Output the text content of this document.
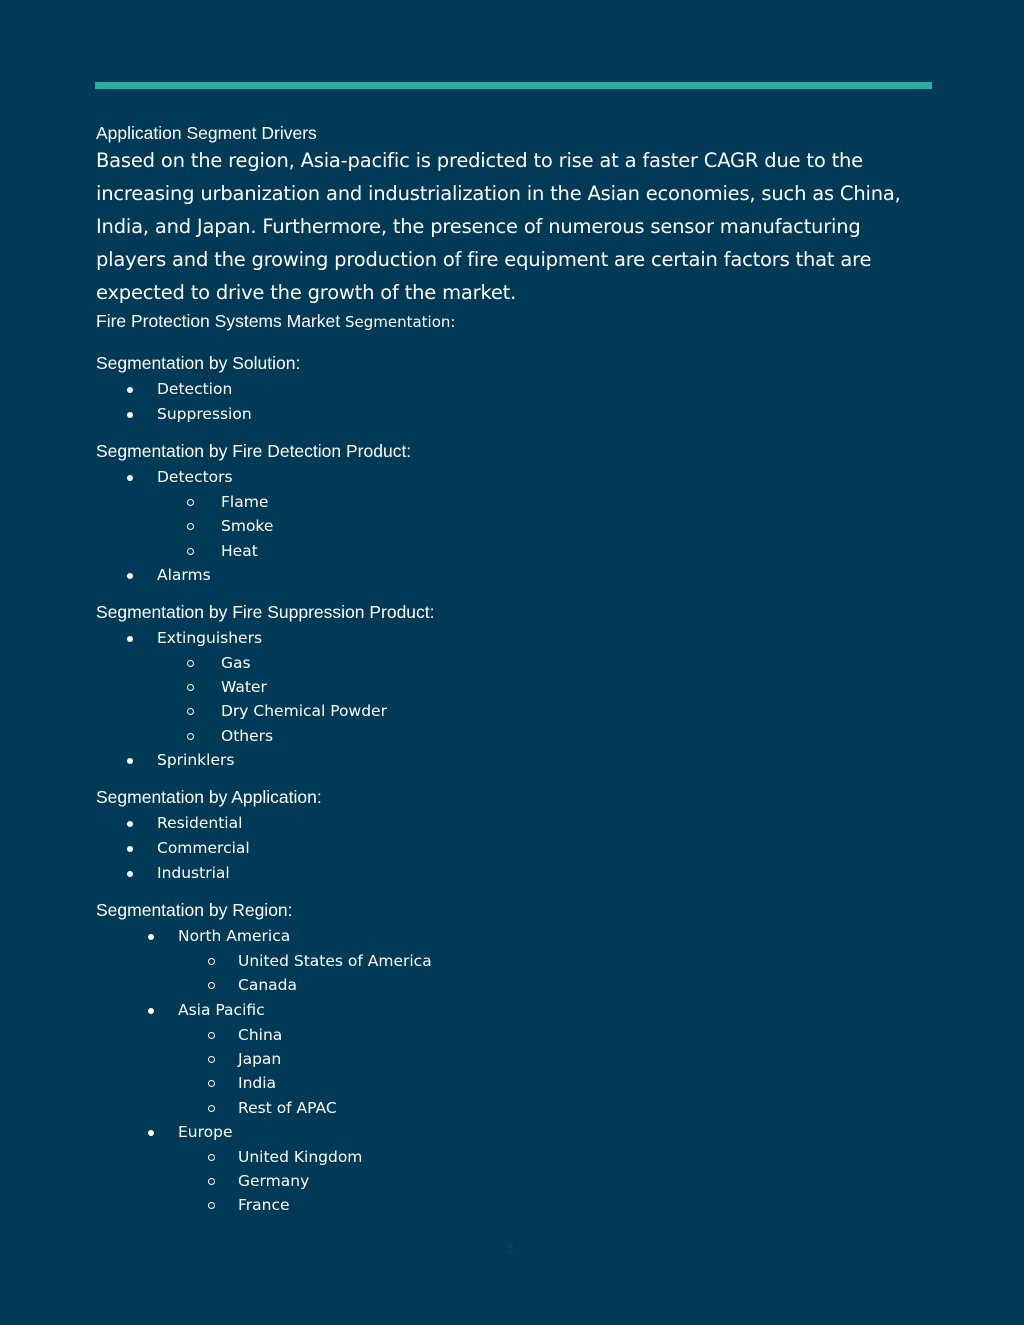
Application Segment Drivers

Based on the region, Asia-pacific is predicted to rise at a faster CAGR due to the increasing urbanization and industrialization in the Asian economies, such as China, India, and Japan. Furthermore, the presence of numerous sensor manufacturing players and the growing production of fire equipment are certain factors that are expected to drive the growth of the market.

Fire Protection Systems Market Segmentation:

Segmentation by Solution:

Detection
Suppression

Segmentation by Fire Detection Product:

Detectors
Flame
Smoke
Heat
Alarms

Segmentation by Fire Suppression Product:

Extinguishers
Gas
Water
Dry Chemical Powder
Others
Sprinklers

Segmentation by Application:

Residential
Commercial
Industrial

Segmentation by Region:

North America
United States of America
Canada
Asia Pacific
China
Japan
India
Rest of APAC
Europe
United Kingdom
Germany
France
3
